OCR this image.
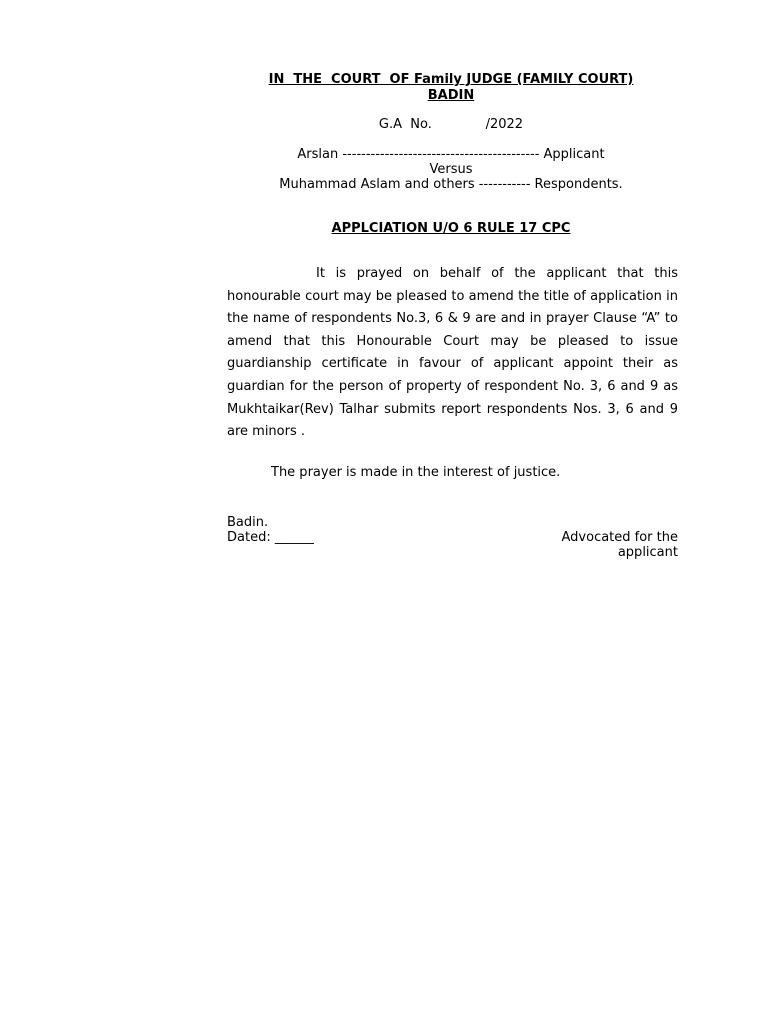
IN  THE  COURT  OF Family JUDGE (FAMILY COURT)
BADIN
G.A  No.             /2022
Arslan ------------------------------------------ Applicant
Versus
Muhammad Aslam and others ----------- Respondents.
APPLCIATION U/O 6 RULE 17 CPC
It is prayed on behalf of the applicant that this honourable court may be pleased to amend the title of application in the name of respondents No.3, 6 & 9 are and in prayer Clause “A” to amend that this Honourable Court may be pleased to issue guardianship certificate in favour of applicant appoint their as guardian for the person of property of respondent No. 3, 6 and 9 as Mukhtaikar(Rev) Talhar submits report respondents Nos. 3, 6 and 9 are minors .
The prayer is made in the interest of justice.
Badin.
Dated: ______	Advocated for the
applicant
